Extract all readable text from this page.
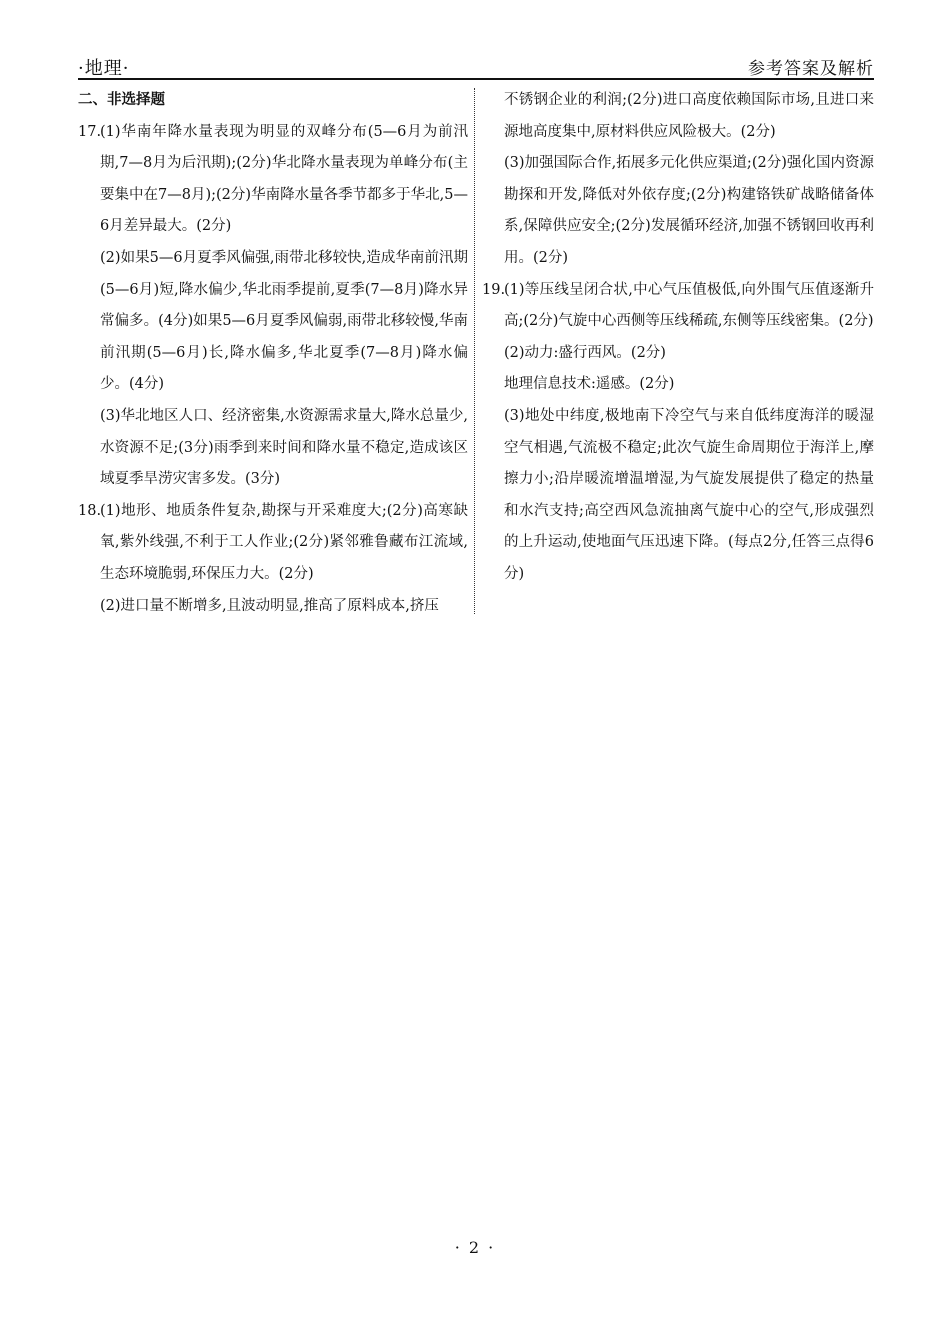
·地理·	参考答案及解析
二、非选择题
17.

(1)华南年降水量表现为明显的双峰分布(5—6月为前汛期,7—8月为后汛期);(2分)华北降水量表现为单峰分布(主要集中在7—8月);(2分)华南降水量各季节都多于华北,5—6月差异最大。(2分)

(2)如果5—6月夏季风偏强,雨带北移较快,造成华南前汛期(5—6月)短,降水偏少,华北雨季提前,夏季(7—8月)降水异常偏多。(4分)如果5—6月夏季风偏弱,雨带北移较慢,华南前汛期(5—6月)长,降水偏多,华北夏季(7—8月)降水偏少。(4分)

(3)华北地区人口、经济密集,水资源需求量大,降水总量少,水资源不足;(3分)雨季到来时间和降水量不稳定,造成该区域夏季旱涝灾害多发。(3分)

18.

(1)地形、地质条件复杂,勘探与开采难度大;(2分)高寒缺氧,紫外线强,不利于工人作业;(2分)紧邻雅鲁藏布江流域,生态环境脆弱,环保压力大。(2分)

(2)进口量不断增多,且波动明显,推高了原料成本,挤压

不锈钢企业的利润;(2分)进口高度依赖国际市场,且进口来源地高度集中,原材料供应风险极大。(2分)

(3)加强国际合作,拓展多元化供应渠道;(2分)强化国内资源勘探和开发,降低对外依存度;(2分)构建铬铁矿战略储备体系,保障供应安全;(2分)发展循环经济,加强不锈钢回收再利用。(2分)

19.

(1)等压线呈闭合状,中心气压值极低,向外围气压值逐渐升高;(2分)气旋中心西侧等压线稀疏,东侧等压线密集。(2分)

(2)动力:盛行西风。(2分)

地理信息技术:遥感。(2分)

(3)地处中纬度,极地南下冷空气与来自低纬度海洋的暖湿空气相遇,气流极不稳定;此次气旋生命周期位于海洋上,摩擦力小;沿岸暖流增温增湿,为气旋发展提供了稳定的热量和水汽支持;高空西风急流抽离气旋中心的空气,形成强烈的上升运动,使地面气压迅速下降。(每点2分,任答三点得6分)

· 2 ·
